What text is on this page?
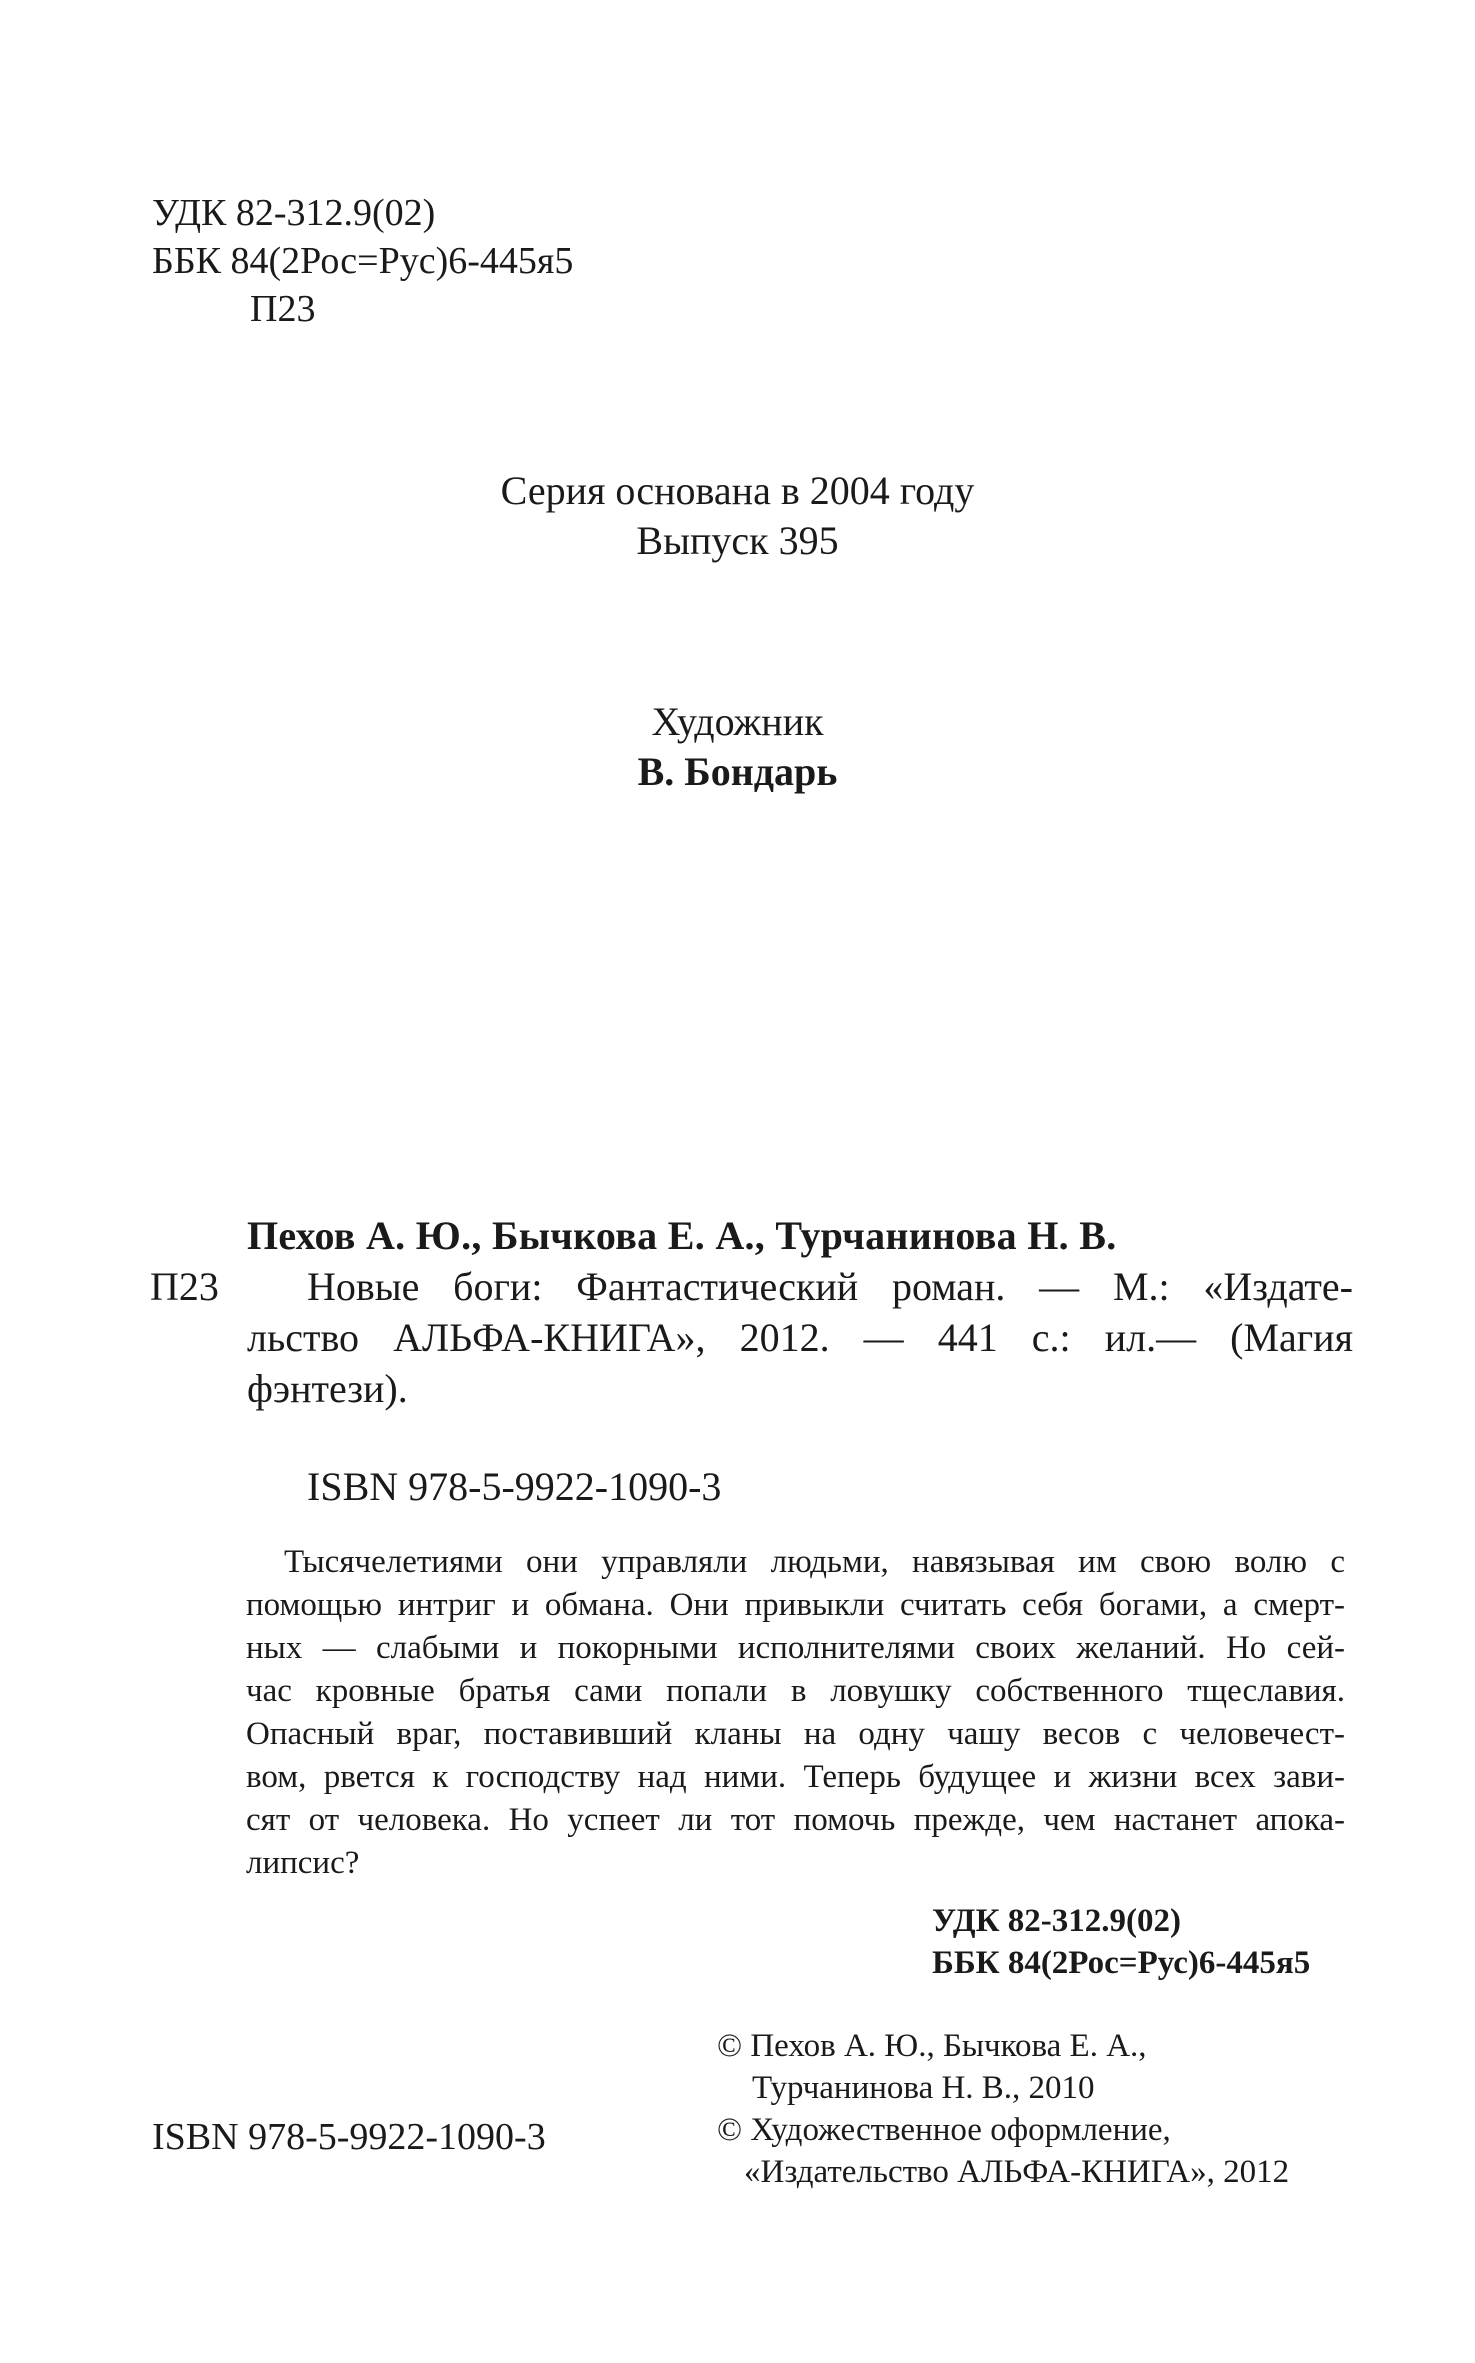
УДК 82-312.9(02)
ББК 84(2Рос=Рус)6-445я5
П23
Серия основана в 2004 году
Выпуск 395
Художник
В. Бондарь
Пехов А. Ю., Бычкова Е. А., Турчанинова Н. В.
П23 Новые боги: Фантастический роман. — М.: «Издате-
льство АЛЬФА-КНИГА», 2012. — 441 с.: ил.— (Магия
фэнтези).
ISBN 978-5-9922-1090-3
Тысячелетиями они управляли людьми, навязывая им свою волю с
помощью интриг и обмана. Они привыкли считать себя богами, а смерт-
ных — слабыми и покорными исполнителями своих желаний. Но сей-
час кровные братья сами попали в ловушку собственного тщеславия.
Опасный враг, поставивший кланы на одну чашу весов с человечест-
вом, рвется к господству над ними. Теперь будущее и жизни всех зави-
сят от человека. Но успеет ли тот помочь прежде, чем настанет апока-
липсис?
УДК 82-312.9(02)
ББК 84(2Рос=Рус)6-445я5
ISBN 978-5-9922-1090-3
© Пехов А. Ю., Бычкова Е. А.,
Турчанинова Н. В., 2010
© Художественное оформление,
«Издательство АЛЬФА-КНИГА», 2012
